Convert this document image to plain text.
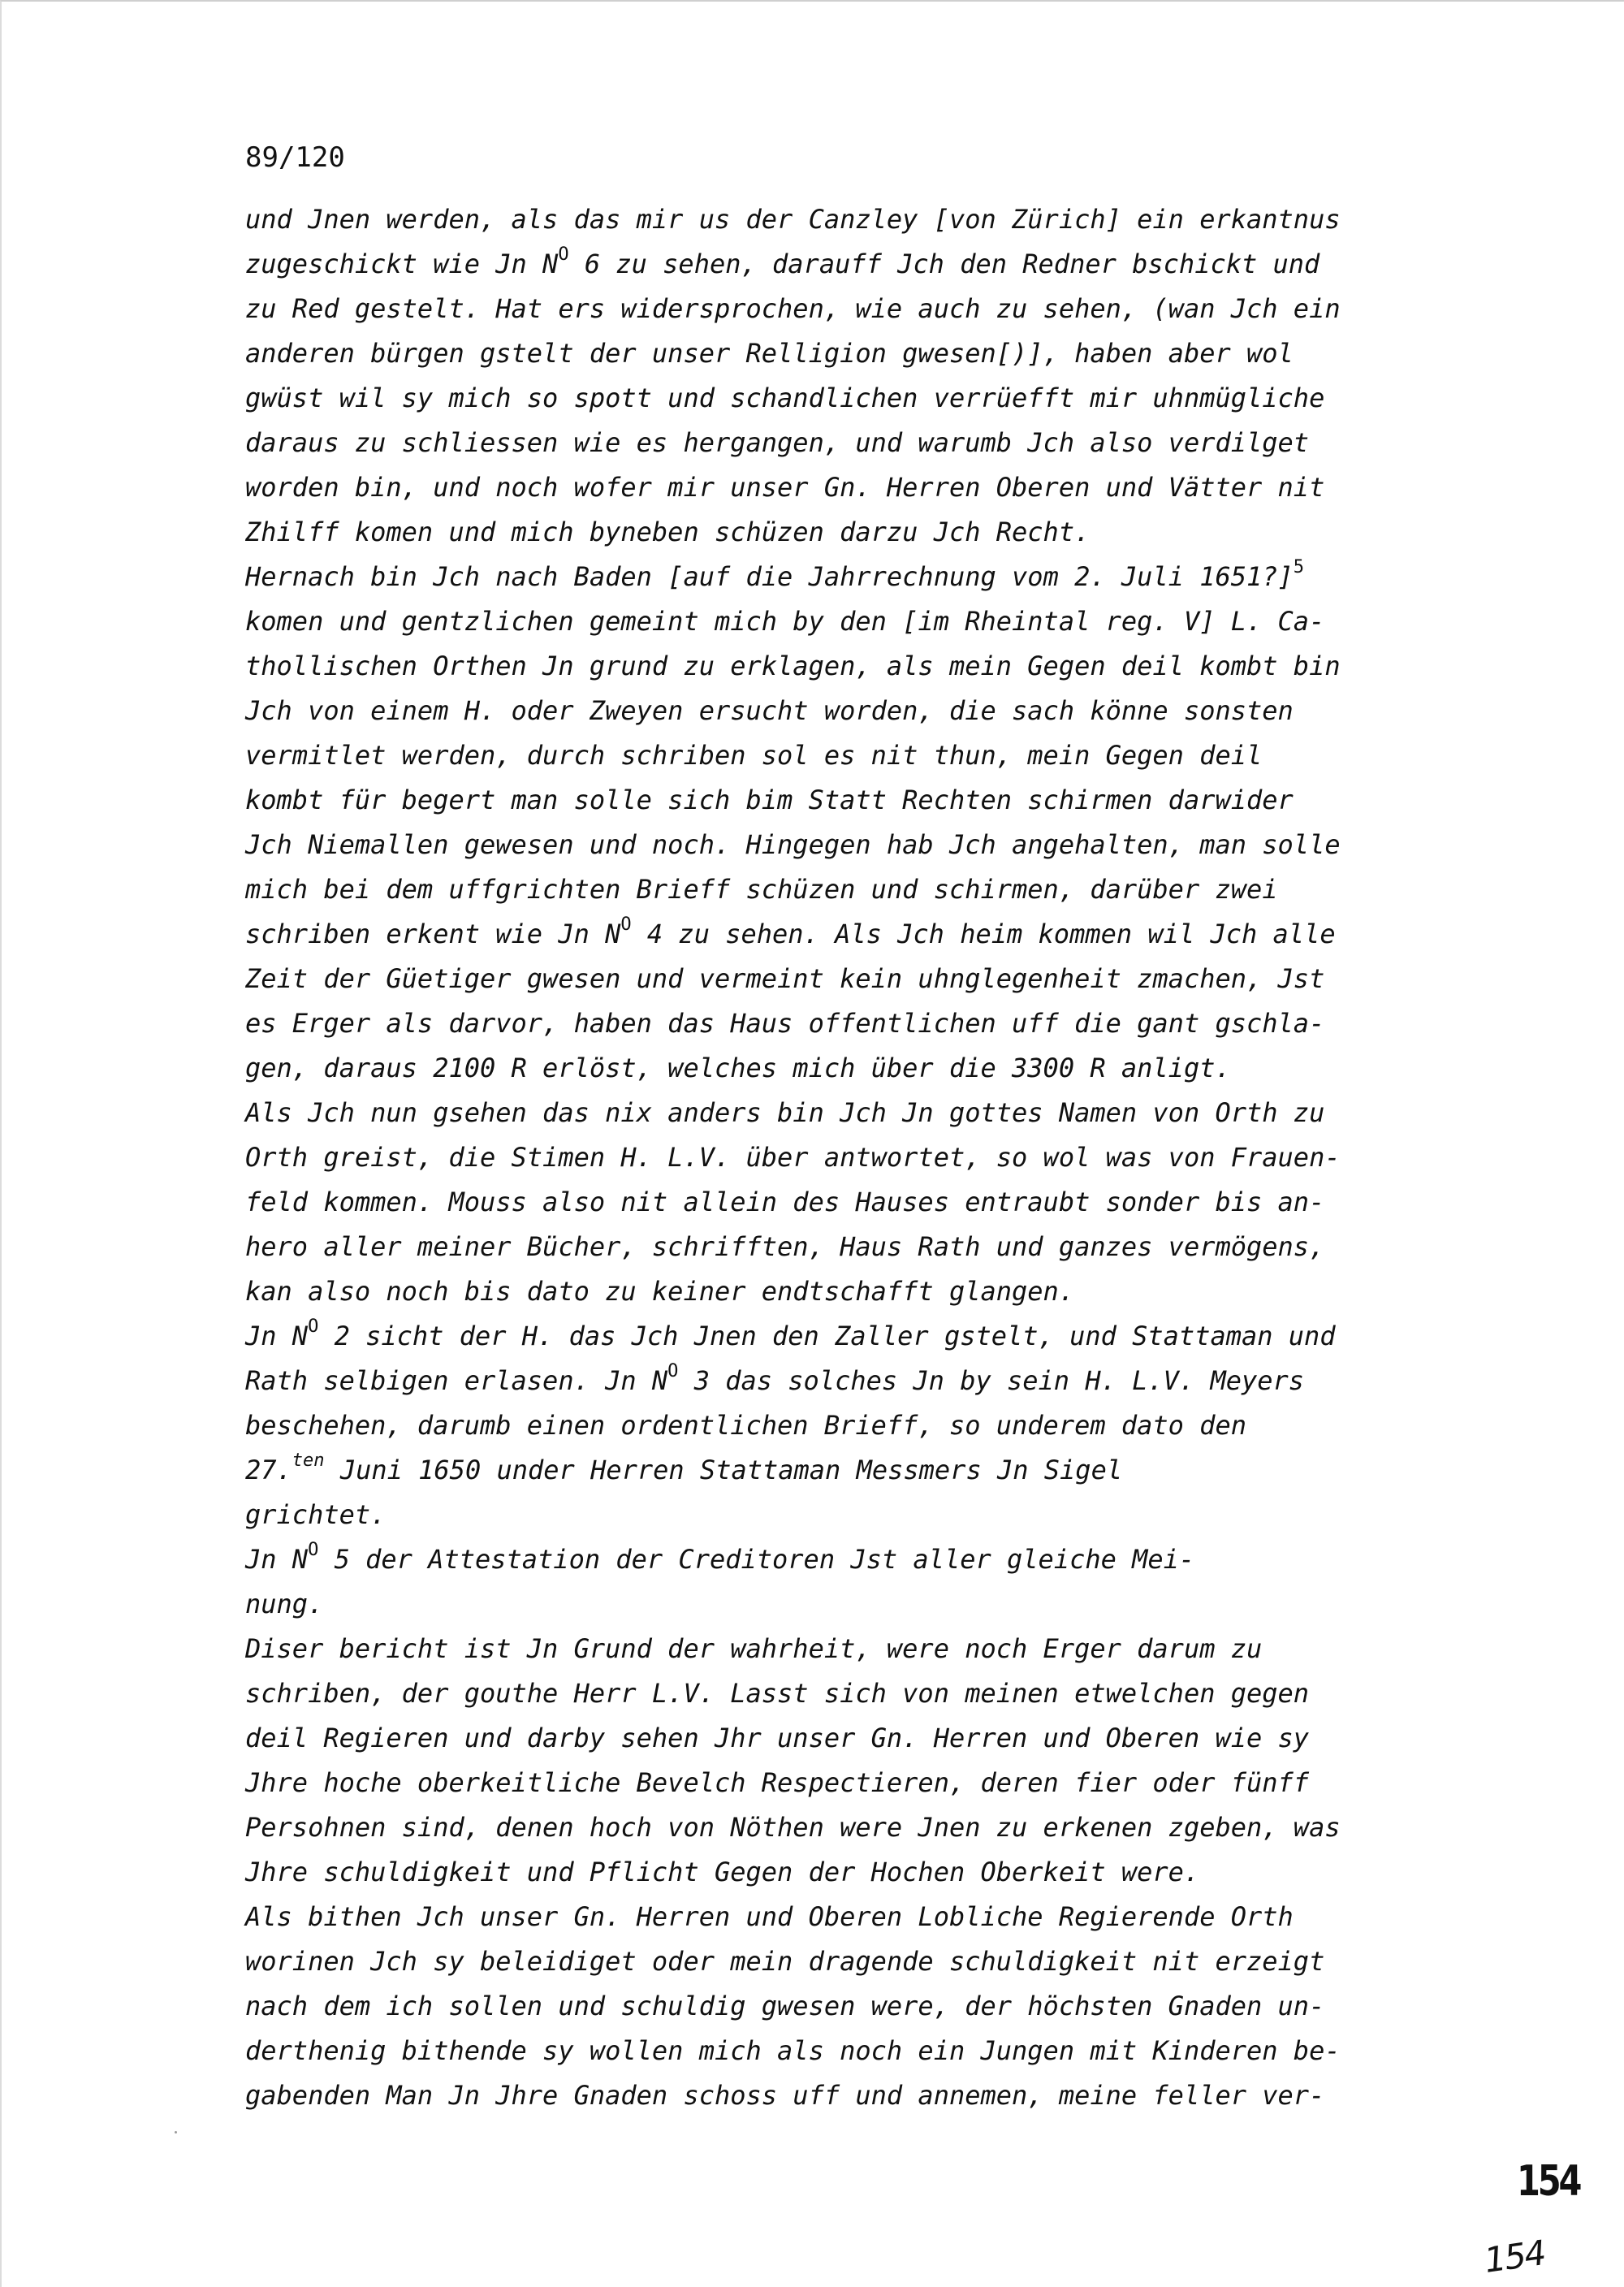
89/120
und Jnen werden, als das mir us der Canzley [von Zürich] ein erkantnus
zugeschickt wie Jn $N^O$ 6 zu sehen, darauff Jch den Redner bschickt und
zu Red gestelt. Hat ers widersprochen, wie auch zu sehen, (wan Jch ein
anderen bürgen gstelt der unser Relligion gwesen[)], haben aber wol
gwüst wil sy mich so spott und schandlichen verrüefft mir uhnmügliche
daraus zu schliessen wie es hergangen, und warumb Jch also verdilget
worden bin, und noch wofer mir unser Gn. Herren Oberen und Vätter nit
Zhilff komen und mich byneben schüzen darzu Jch Recht.
Hernach bin Jch nach Baden [auf die Jahrrechnung vom 2. Juli 1651?]$^5$
komen und gentzlichen gemeint mich by den [im Rheintal reg. V] L. Ca-
thollischen Orthen Jn grund zu erklagen, als mein Gegen deil kombt bin
Jch von einem H. oder Zweyen ersucht worden, die sach könne sonsten
vermitlet werden, durch schriben sol es nit thun, mein Gegen deil
kombt für begert man solle sich bim Statt Rechten schirmen darwider
Jch Niemallen gewesen und noch. Hingegen hab Jch angehalten, man solle
mich bei dem uffgrichten Brieff schüzen und schirmen, darüber zwei
schriben erkent wie Jn $N^O$ 4 zu sehen. Als Jch heim kommen wil Jch alle
Zeit der Güetiger gwesen und vermeint kein uhnglegenheit zmachen, Jst
es Erger als darvor, haben das Haus offentlichen uff die gant gschla-
gen, daraus 2100 R erlöst, welches mich über die 3300 R anligt.
Als Jch nun gsehen das nix anders bin Jch Jn gottes Namen von Orth zu
Orth greist, die Stimen H. L.V. über antwortet, so wol was von Frauen-
feld kommen. Mouss also nit allein des Hauses entraubt sonder bis an-
hero aller meiner Bücher, schrifften, Haus Rath und ganzes vermögens,
kan also noch bis dato zu keiner endtschafft glangen.
Jn $N^O$ 2 sicht der H. das Jch Jnen den Zaller gstelt, und Stattaman und
Rath selbigen erlasen. Jn $N^O$ 3 das solches Jn by sein H. L.V. Meyers
beschehen, darumb einen ordentlichen Brieff, so underem dato den
27.$^{ten}$ Juni 1650 under Herren Stattaman Messmers Jn Sigel
grichtet.
Jn $N^O$ 5 der Attestation der Creditoren Jst aller gleiche Mei-
nung.
Diser bericht ist Jn Grund der wahrheit, were noch Erger darum zu
schriben, der gouthe Herr L.V. Lasst sich von meinen etwelchen gegen
deil Regieren und darby sehen Jhr unser Gn. Herren und Oberen wie sy
Jhre hoche oberkeitliche Bevelch Respectieren, deren fier oder fünff
Persohnen sind, denen hoch von Nöthen were Jnen zu erkenen zgeben, was
Jhre schuldigkeit und Pflicht Gegen der Hochen Oberkeit were.
Als bithen Jch unser Gn. Herren und Oberen Lobliche Regierende Orth
worinen Jch sy beleidiget oder mein dragende schuldigkeit nit erzeigt
nach dem ich sollen und schuldig gwesen were, der höchsten Gnaden un-
derthenig bithende sy wollen mich als noch ein Jungen mit Kinderen be-
gabenden Man Jn Jhre Gnaden schoss uff und annemen, meine feller ver-
154
154
